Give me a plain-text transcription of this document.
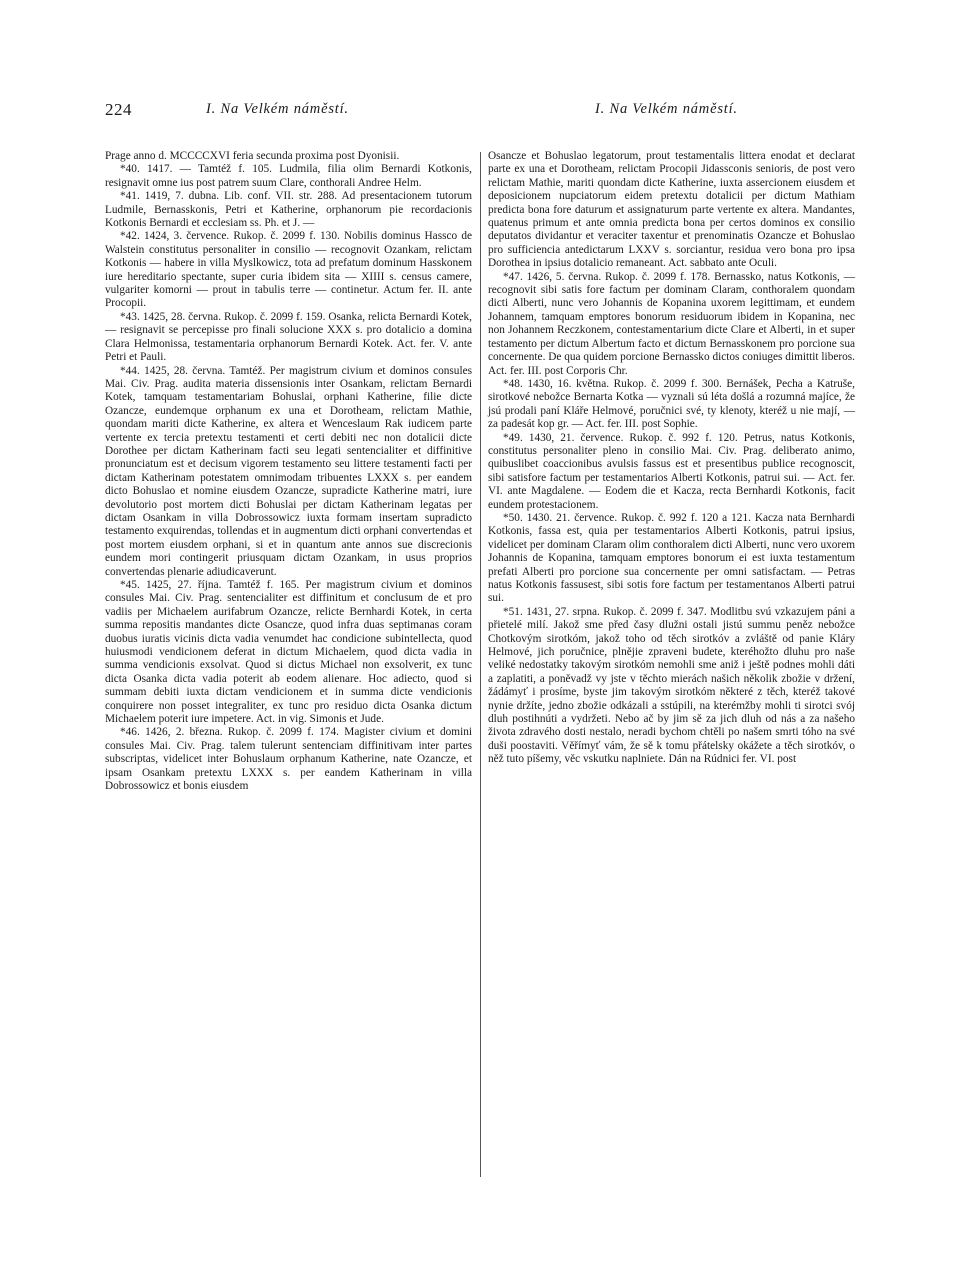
224	I. Na Velkém náměstí.	I. Na Velkém náměstí.

Prage anno d. MCCCCXVI feria secunda proxima post Dyonisii.

*40. 1417. — Tamtéž f. 105. Ludmila, filia olim Bernardi Kotkonis, resignavit omne ius post patrem suum Clare, conthorali Andree Helm.

*41. 1419, 7. dubna. Lib. conf. VII. str. 288. Ad presentacionem tutorum Ludmile, Bernasskonis, Petri et Katherine, orphanorum pie recordacionis Kotkonis Bernardi et ecclesiam ss. Ph. et J. —

*42. 1424, 3. července. Rukop. č. 2099 f. 130. Nobilis dominus Hassco de Walstein constitutus personaliter in consilio — recognovit Ozankam, relictam Kotkonis — habere in villa Myslkowicz, tota ad prefatum dominum Hasskonem iure hereditario spectante, super curia ibidem sita — XIIII s. census camere, vulgariter komorni — prout in tabulis terre — continetur. Actum fer. II. ante Procopii.

*43. 1425, 28. června. Rukop. č. 2099 f. 159. Osanka, relicta Bernardi Kotek, — resignavit se percepisse pro finali solucione XXX s. pro dotalicio a domina Clara Helmonissa, testamentaria orphanorum Bernardi Kotek. Act. fer. V. ante Petri et Pauli.

*44. 1425, 28. června. Tamtéž. Per magistrum civium et dominos consules Mai. Civ. Prag. audita materia dissensionis inter Osankam, relictam Bernardi Kotek, tamquam testamentariam Bohuslai, orphani Katherine, filie dicte Ozancze, eundemque orphanum ex una et Dorotheam, relictam Mathie, quondam mariti dicte Katherine, ex altera et Wenceslaum Rak iudicem parte vertente ex tercia pretextu testamenti et certi debiti nec non dotalicii dicte Dorothee per dictam Katherinam facti seu legati sentencialiter et diffinitive pronunciatum est et decisum vigorem testamento seu littere testamenti facti per dictam Katherinam potestatem omnimodam tribuentes LXXX s. per eandem dicto Bohuslao et nomine eiusdem Ozancze, supradicte Katherine matri, iure devolutorio post mortem dicti Bohuslai per dictam Katherinam legatas per dictam Osankam in villa Dobrossowicz iuxta formam insertam supradicto testamento exquirendas, tollendas et in augmentum dicti orphani convertendas et post mortem eiusdem orphani, si et in quantum ante annos sue discrecionis eundem mori contingerit priusquam dictam Ozankam, in usus proprios convertendas plenarie adiudicaverunt.

*45. 1425, 27. října. Tamtéž f. 165. Per magistrum civium et dominos consules Mai. Civ. Prag. sentencialiter est diffinitum et conclusum de et pro vadiis per Michaelem aurifabrum Ozancze, relicte Bernhardi Kotek, in certa summa repositis mandantes dicte Osancze, quod infra duas septimanas coram duobus iuratis vicinis dicta vadia venumdet hac condicione subintellecta, quod huiusmodi vendicionem deferat in dictum Michaelem, quod dicta vadia in summa vendicionis exsolvat. Quod si dictus Michael non exsolverit, ex tunc dicta Osanka dicta vadia poterit ab eodem alienare. Hoc adiecto, quod si summam debiti iuxta dictam vendicionem et in summa dicte vendicionis conquirere non posset integraliter, ex tunc pro residuo dicta Osanka dictum Michaelem poterit iure impetere. Act. in vig. Simonis et Jude.

*46. 1426, 2. března. Rukop. č. 2099 f. 174. Magister civium et domini consules Mai. Civ. Prag. talem tulerunt sentenciam diffinitivam inter partes subscriptas, videlicet inter Bohuslaum orphanum Katherine, nate Ozancze, et ipsam Osankam pretextu LXXX s. per eandem Katherinam in villa Dobrossowicz et bonis eiusdem

Osancze et Bohuslao legatorum, prout testamentalis littera enodat et declarat parte ex una et Dorotheam, relictam Procopii Jidassconis senioris, de post vero relictam Mathie, mariti quondam dicte Katherine, iuxta assercionem eiusdem et deposicionem nupciatorum eidem pretextu dotalicii per dictum Mathiam predicta bona fore daturum et assignaturum parte vertente ex altera. Mandantes, quatenus primum et ante omnia predicta bona per certos dominos ex consilio deputatos dividantur et veraciter taxentur et prenominatis Ozancze et Bohuslao pro sufficiencia antedictarum LXXV s. sorciantur, residua vero bona pro ipsa Dorothea in ipsius dotalicio remaneant. Act. sabbato ante Oculi.

*47. 1426, 5. června. Rukop. č. 2099 f. 178. Bernassko, natus Kotkonis, — recognovit sibi satis fore factum per dominam Claram, conthoralem quondam dicti Alberti, nunc vero Johannis de Kopanina uxorem legittimam, et eundem Johannem, tamquam emptores bonorum residuorum ibidem in Kopanina, nec non Johannem Reczkonem, contestamentarium dicte Clare et Alberti, in et super testamento per dictum Albertum facto et dictum Bernasskonem pro porcione sua concernente. De qua quidem porcione Bernassko dictos coniuges dimittit liberos. Act. fer. III. post Corporis Chr.

*48. 1430, 16. května. Rukop. č. 2099 f. 300. Bernášek, Pecha a Katruše, sirotkové nebožce Bernarta Kotka — vyznali sú léta došlá a rozumná majíce, že jsú prodali paní Kláře Helmové, poručnici své, ty klenoty, kteréž u nie mají, — za padesát kop gr. — Act. fer. III. post Sophie.

*49. 1430, 21. července. Rukop. č. 992 f. 120. Petrus, natus Kotkonis, constitutus personaliter pleno in consilio Mai. Civ. Prag. deliberato animo, quibuslibet coaccionibus avulsis fassus est et presentibus publice recognoscit, sibi satisfore factum per testamentarios Alberti Kotkonis, patrui sui. — Act. fer. VI. ante Magdalene. — Eodem die et Kacza, recta Bernhardi Kotkonis, facit eundem protestacionem.

*50. 1430. 21. července. Rukop. č. 992 f. 120 a 121. Kacza nata Bernhardi Kotkonis, fassa est, quia per testamentarios Alberti Kotkonis, patrui ipsius, videlicet per dominam Claram olim conthoralem dicti Alberti, nunc vero uxorem Johannis de Kopanina, tamquam emptores bonorum ei est iuxta testamentum prefati Alberti pro porcione sua concernente per omni satisfactam. — Petras natus Kotkonis fassusest, sibi sotis fore factum per testamentanos Alberti patrui sui.

*51. 1431, 27. srpna. Rukop. č. 2099 f. 347. Modlitbu svú vzkazujem páni a přietelé milí. Jakož sme před časy dlužni ostali jistú summu peněz nebožce Chotkovým sirotkóm, jakož toho od těch sirotkóv a zvláště od panie Kláry Helmové, jich poručnice, plnějie zpraveni budete, kteréhožto dluhu pro naše veliké nedostatky takovým sirotkóm nemohli sme aniž i ještě podnes mohli dáti a zaplatiti, a poněvadž vy jste v těchto mierách našich několik zbožie v držení, žádámyť i prosíme, byste jim takovým sirotkóm některé z těch, kteréž takové nynie držíte, jedno zbožie odkázali a sstúpili, na kterémžby mohli ti sirotci svój dluh postihnúti a vydržeti. Nebo ač by jim sě za jich dluh od nás a za našeho života zdravého dosti nestalo, neradi bychom chtěli po našem smrti tóho na své duši poostaviti. Věřímyť vám, že sě k tomu přátelsky okážete a těch sirotkóv, o něž tuto píšemy, věc vskutku naplniete. Dán na Rúdnici fer. VI. post
